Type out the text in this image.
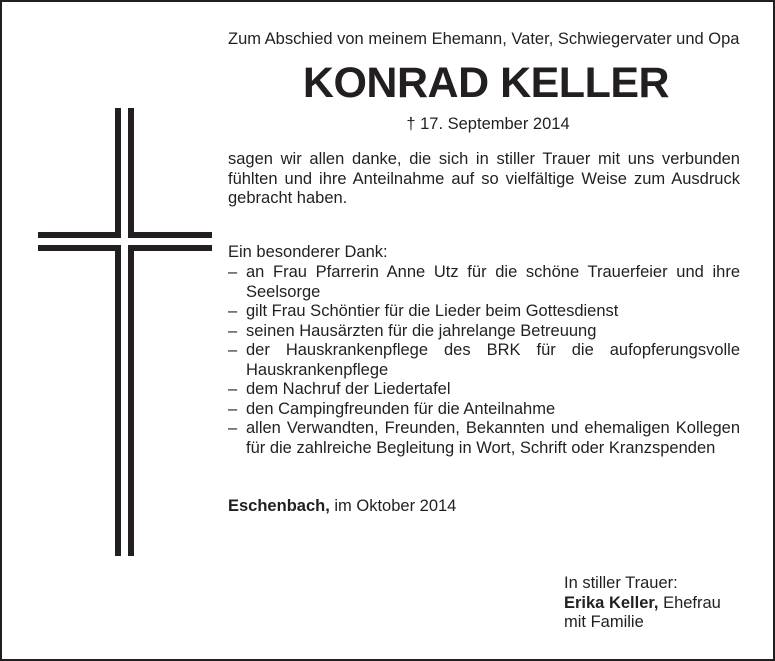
Zum Abschied von meinem Ehemann, Vater, Schwiegervater und Opa

KONRAD KELLER
† 17. September 2014
sagen wir allen danke, die sich in stiller Trauer mit uns verbunden fühlten und ihre Anteilnahme auf so vielfältige Weise zum Ausdruck gebracht haben.
Ein besonderer Dank:
– an Frau Pfarrerin Anne Utz für die schöne Trauerfeier und ihre Seelsorge
– gilt Frau Schöntier für die Lieder beim Gottesdienst
– seinen Hausärzten für die jahrelange Betreuung
– der Hauskrankenpflege des BRK für die aufopferungsvolle Hauskrankenpflege
– dem Nachruf der Liedertafel
– den Campingfreunden für die Anteilnahme
– allen Verwandten, Freunden, Bekannten und ehemaligen Kollegen für die zahlreiche Begleitung in Wort, Schrift oder Kranzspenden
Eschenbach, im Oktober 2014
In stiller Trauer:
Erika Keller, Ehefrau
mit Familie
